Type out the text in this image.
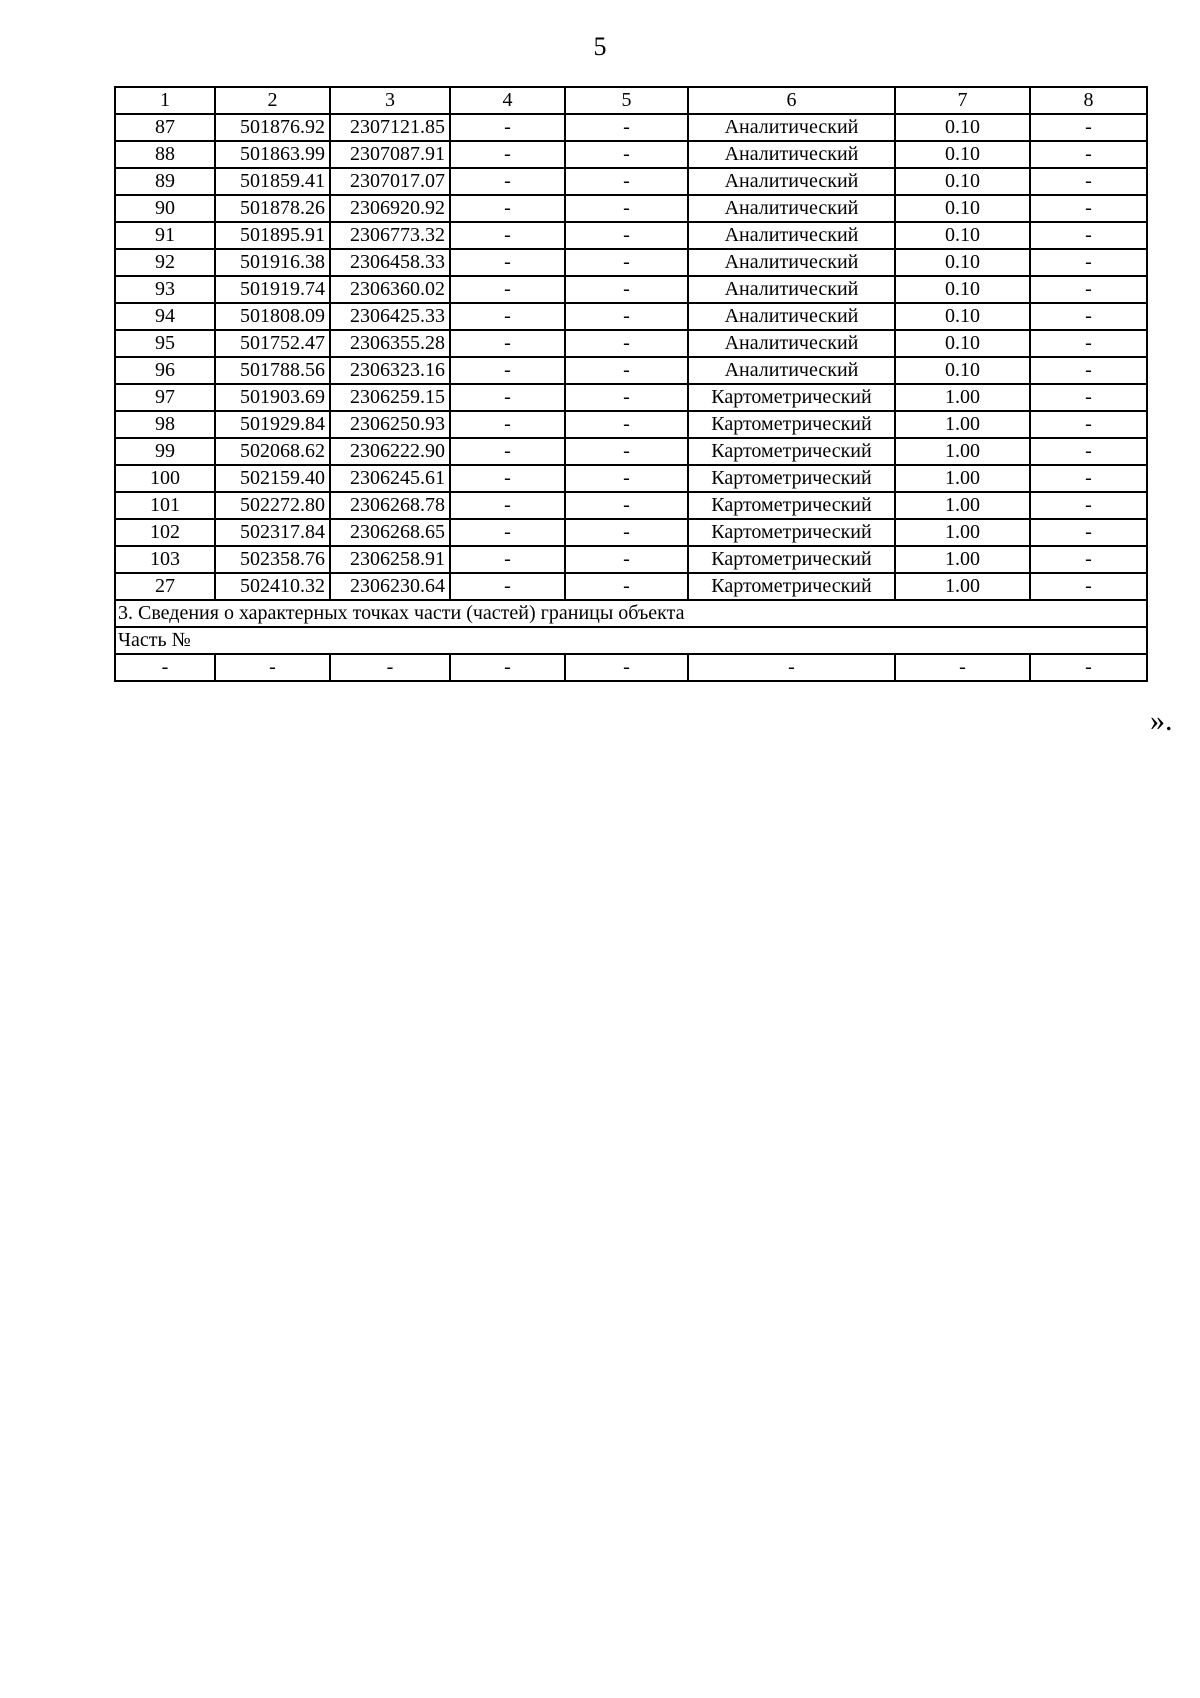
5
1	2	3	4	5	6	7	8
87	501876.92	2307121.85	-	-	Аналитический	0.10	-
88	501863.99	2307087.91	-	-	Аналитический	0.10	-
89	501859.41	2307017.07	-	-	Аналитический	0.10	-
90	501878.26	2306920.92	-	-	Аналитический	0.10	-
91	501895.91	2306773.32	-	-	Аналитический	0.10	-
92	501916.38	2306458.33	-	-	Аналитический	0.10	-
93	501919.74	2306360.02	-	-	Аналитический	0.10	-
94	501808.09	2306425.33	-	-	Аналитический	0.10	-
95	501752.47	2306355.28	-	-	Аналитический	0.10	-
96	501788.56	2306323.16	-	-	Аналитический	0.10	-
97	501903.69	2306259.15	-	-	Картометрический	1.00	-
98	501929.84	2306250.93	-	-	Картометрический	1.00	-
99	502068.62	2306222.90	-	-	Картометрический	1.00	-
100	502159.40	2306245.61	-	-	Картометрический	1.00	-
101	502272.80	2306268.78	-	-	Картометрический	1.00	-
102	502317.84	2306268.65	-	-	Картометрический	1.00	-
103	502358.76	2306258.91	-	-	Картометрический	1.00	-
27	502410.32	2306230.64	-	-	Картометрический	1.00	-
3. Сведения о характерных точках части (частей) границы объекта							
Часть №							
-	-	-	-	-	-	-	-
».
